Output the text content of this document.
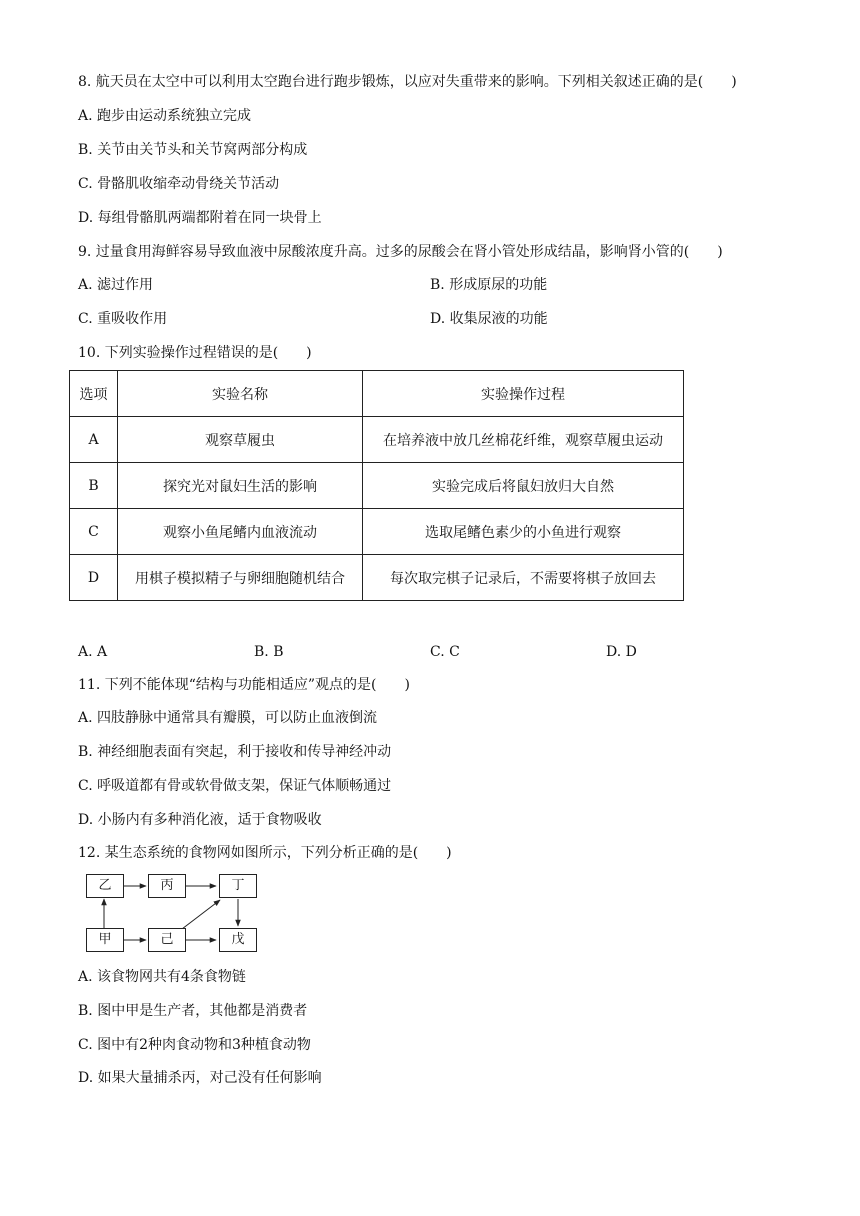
8. 航天员在太空中可以利用太空跑台进行跑步锻炼，以应对失重带来的影响。下列相关叙述正确的是(　　)
A. 跑步由运动系统独立完成
B. 关节由关节头和关节窝两部分构成
C. 骨骼肌收缩牵动骨绕关节活动
D. 每组骨骼肌两端都附着在同一块骨上
9. 过量食用海鲜容易导致血液中尿酸浓度升高。过多的尿酸会在肾小管处形成结晶，影响肾小管的(　　)
A. 滤过作用	B. 形成原尿的功能
C. 重吸收作用	D. 收集尿液的功能
10. 下列实验操作过程错误的是(　　)
选项	实验名称	实验操作过程
A	观察草履虫	在培养液中放几丝棉花纤维，观察草履虫运动
B	探究光对鼠妇生活的影响	实验完成后将鼠妇放归大自然
C	观察小鱼尾鳍内血液流动	选取尾鳍色素少的小鱼进行观察
D	用棋子模拟精子与卵细胞随机结合	每次取完棋子记录后，不需要将棋子放回去
A. A	B. B	C. C	D. D
11. 下列不能体现“结构与功能相适应”观点的是(　　)
A. 四肢静脉中通常具有瓣膜，可以防止血液倒流
B. 神经细胞表面有突起，利于接收和传导神经冲动
C. 呼吸道都有骨或软骨做支架，保证气体顺畅通过
D. 小肠内有多种消化液，适于食物吸收
12. 某生态系统的食物网如图所示，下列分析正确的是(　　)
乙	丙	丁
甲	己	戊
A. 该食物网共有4条食物链
B. 图中甲是生产者，其他都是消费者
C. 图中有2种肉食动物和3种植食动物
D. 如果大量捕杀丙，对己没有任何影响
